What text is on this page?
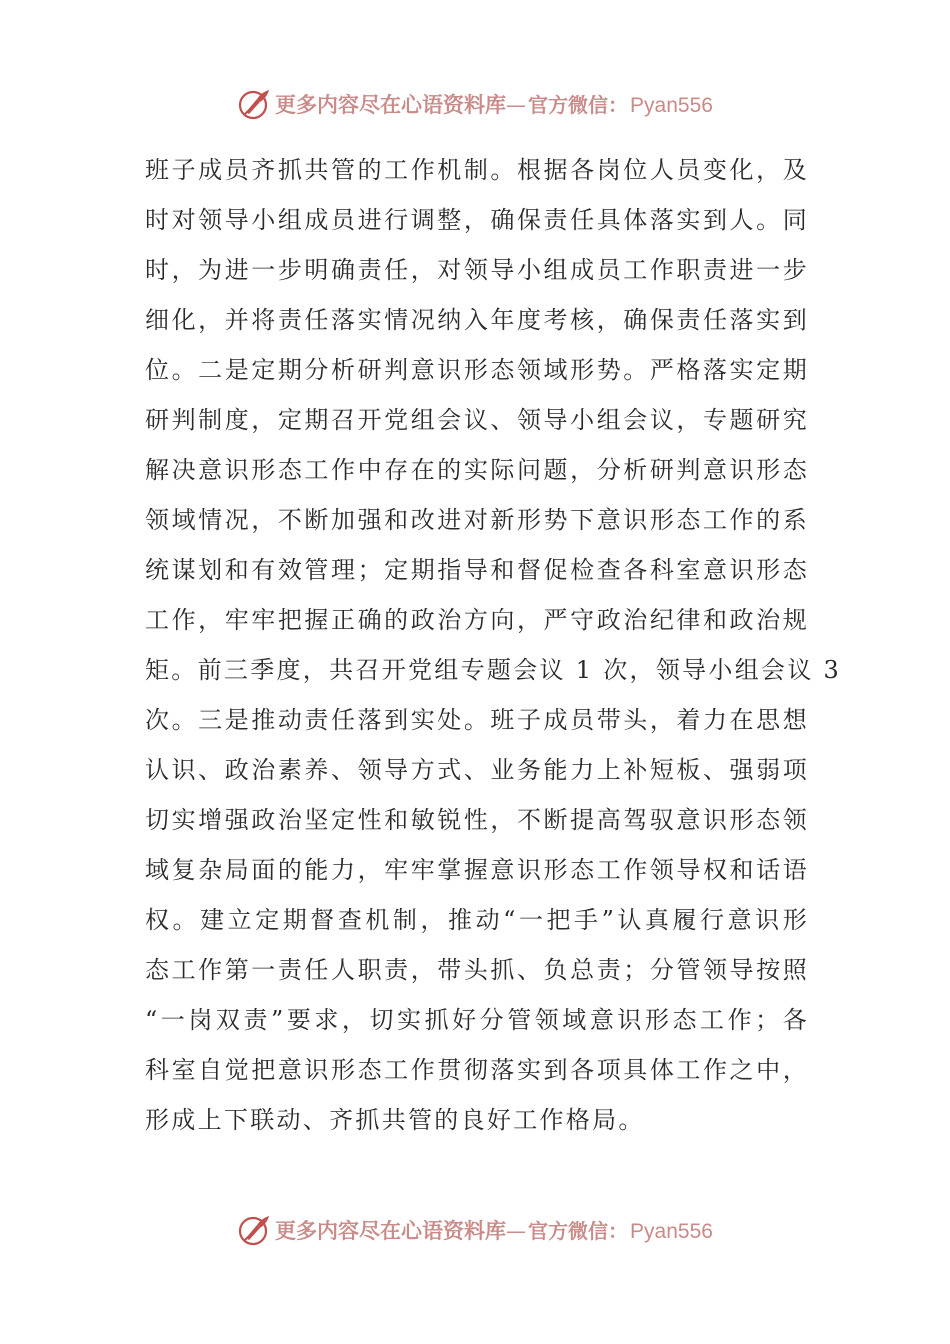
更多内容尽在心语资料库 — 官方微信： Pyan556
班子成员齐抓共管的工作机制。根据各岗位人员变化，及
时对领导小组成员进行调整，确保责任具体落实到人。同
时，为进一步明确责任，对领导小组成员工作职责进一步
细化，并将责任落实情况纳入年度考核，确保责任落实到
位。二是定期分析研判意识形态领域形势。严格落实定期
研判制度，定期召开党组会议、领导小组会议，专题研究
解决意识形态工作中存在的实际问题，分析研判意识形态
领域情况，不断加强和改进对新形势下意识形态工作的系
统谋划和有效管理；定期指导和督促检查各科室意识形态
工作，牢牢把握正确的政治方向，严守政治纪律和政治规
矩。前三季度，共召开党组专题会议 1 次，领导小组会议 3
次。三是推动责任落到实处。班子成员带头，着力在思想
认识、政治素养、领导方式、业务能力上补短板、强弱项
切实增强政治坚定性和敏锐性，不断提高驾驭意识形态领
域复杂局面的能力，牢牢掌握意识形态工作领导权和话语
权。建立定期督查机制，推动“一把手”认真履行意识形
态工作第一责任人职责，带头抓、负总责；分管领导按照
“一岗双责”要求，切实抓好分管领域意识形态工作；各
科室自觉把意识形态工作贯彻落实到各项具体工作之中，
形成上下联动、齐抓共管的良好工作格局。
更多内容尽在心语资料库 — 官方微信： Pyan556
